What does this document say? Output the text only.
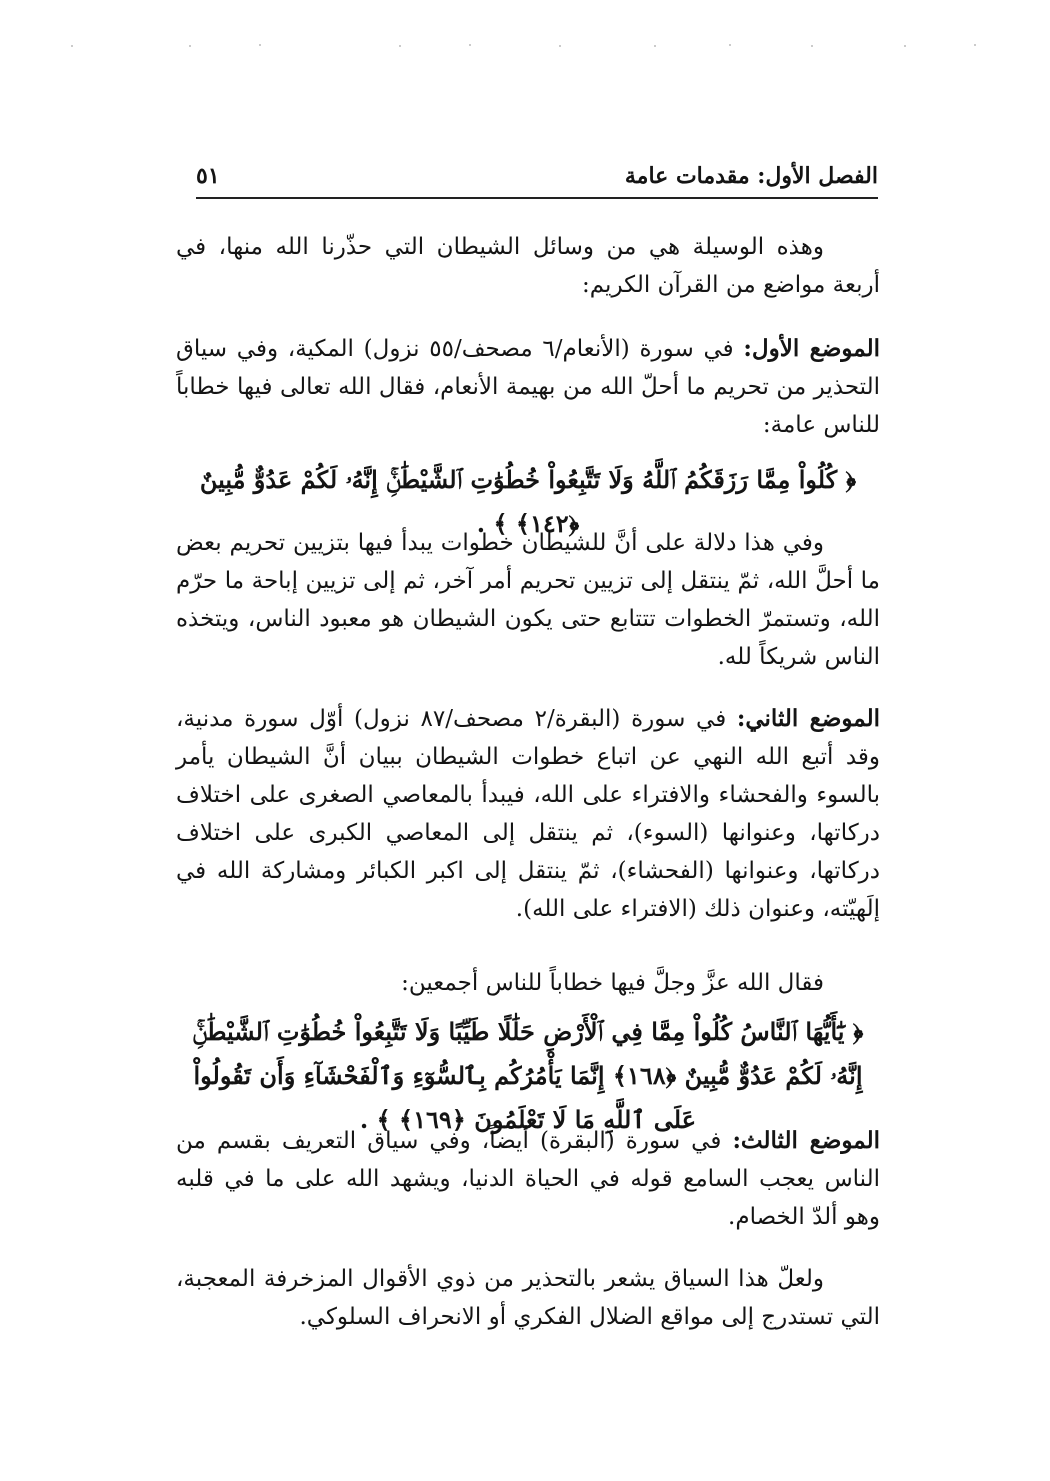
الفصل الأول: مقدمات عامة
٥١
وهذه الوسيلة هي من وسائل الشيطان التي حذّرنا الله منها، في أربعة مواضع من القرآن الكريم:
الموضع الأول: في سورة (الأنعام/٦ مصحف/٥٥ نزول) المكية، وفي سياق التحذير من تحريم ما أحلّ الله من بهيمة الأنعام، فقال الله تعالى فيها خطاباً للناس عامة:
﴿ كُلُواْ مِمَّا رَزَقَكُمُ ٱللَّهُ وَلَا تَتَّبِعُواْ خُطُوَٰتِ ٱلشَّيْطَٰنِۚ إِنَّهُۥ لَكُمْ عَدُوٌّ مُّبِينٌ ﴿١٤٢﴾ ﴾ .
وفي هذا دلالة على أنَّ للشيطان خطوات يبدأ فيها بتزيين تحريم بعض ما أحلَّ الله، ثمّ ينتقل إلى تزيين تحريم أمر آخر، ثم إلى تزيين إباحة ما حرّم الله، وتستمرّ الخطوات تتتابع حتى يكون الشيطان هو معبود الناس، ويتخذه الناس شريكاً لله.
الموضع الثاني: في سورة (البقرة/٢ مصحف/٨٧ نزول) أوّل سورة مدنية، وقد أتبع الله النهي عن اتباع خطوات الشيطان ببيان أنَّ الشيطان يأمر بالسوء والفحشاء والافتراء على الله، فيبدأ بالمعاصي الصغرى على اختلاف دركاتها، وعنوانها (السوء)، ثم ينتقل إلى المعاصي الكبرى على اختلاف دركاتها، وعنوانها (الفحشاء)، ثمّ ينتقل إلى اكبر الكبائر ومشاركة الله في إلَهيّته، وعنوان ذلك (الافتراء على الله).
فقال الله عزَّ وجلَّ فيها خطاباً للناس أجمعين:
﴿ يَٰٓأَيُّهَا ٱلنَّاسُ كُلُواْ مِمَّا فِي ٱلْأَرْضِ حَلَٰلًا طَيِّبًا وَلَا تَتَّبِعُواْ خُطُوَٰتِ ٱلشَّيْطَٰنِۚ إِنَّهُۥ لَكُمْ عَدُوٌّ مُّبِينٌ ﴿١٦٨﴾ إِنَّمَا يَأْمُرُكُم بِٱلسُّوٓءِ وَٱلْفَحْشَآءِ وَأَن تَقُولُواْ عَلَى ٱللَّهِ مَا لَا تَعْلَمُونَ ﴿١٦٩﴾ ﴾ .
الموضع الثالث: في سورة (البقرة) أيضاً، وفي سياق التعريف بقسم من الناس يعجب السامع قوله في الحياة الدنيا، ويشهد الله على ما في قلبه وهو ألدّ الخصام.
ولعلّ هذا السياق يشعر بالتحذير من ذوي الأقوال المزخرفة المعجبة، التي تستدرج إلى مواقع الضلال الفكري أو الانحراف السلوكي.
